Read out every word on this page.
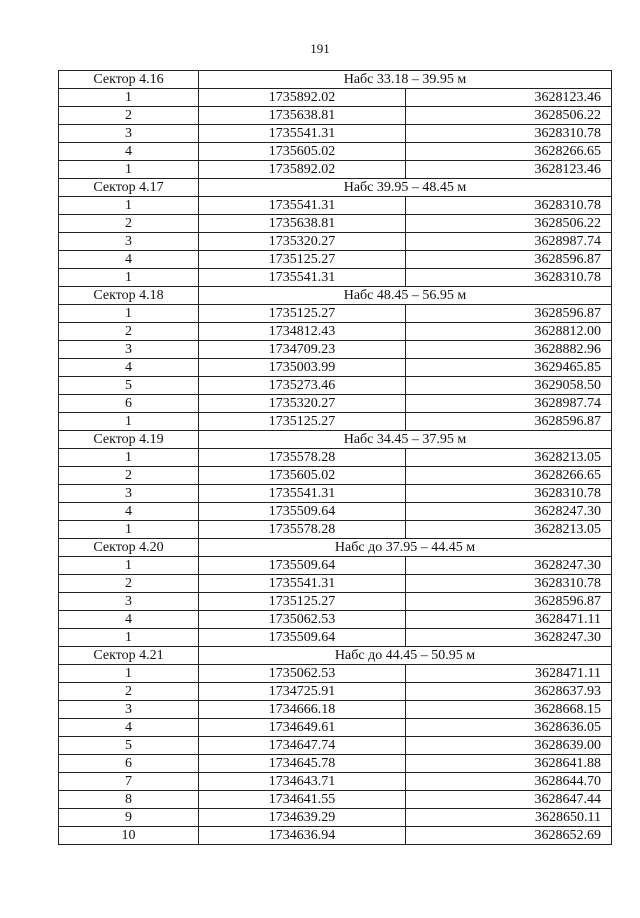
191
Сектор 4.16	Набс 33.18 – 39.95 м	
1	1735892.02	3628123.46
2	1735638.81	3628506.22
3	1735541.31	3628310.78
4	1735605.02	3628266.65
1	1735892.02	3628123.46
Сектор 4.17	Набс 39.95 – 48.45 м	
1	1735541.31	3628310.78
2	1735638.81	3628506.22
3	1735320.27	3628987.74
4	1735125.27	3628596.87
1	1735541.31	3628310.78
Сектор 4.18	Набс 48.45 – 56.95 м	
1	1735125.27	3628596.87
2	1734812.43	3628812.00
3	1734709.23	3628882.96
4	1735003.99	3629465.85
5	1735273.46	3629058.50
6	1735320.27	3628987.74
1	1735125.27	3628596.87
Сектор 4.19	Набс 34.45 – 37.95 м	
1	1735578.28	3628213.05
2	1735605.02	3628266.65
3	1735541.31	3628310.78
4	1735509.64	3628247.30
1	1735578.28	3628213.05
Сектор 4.20	Набс до 37.95 – 44.45 м	
1	1735509.64	3628247.30
2	1735541.31	3628310.78
3	1735125.27	3628596.87
4	1735062.53	3628471.11
1	1735509.64	3628247.30
Сектор 4.21	Набс до 44.45 – 50.95 м	
1	1735062.53	3628471.11
2	1734725.91	3628637.93
3	1734666.18	3628668.15
4	1734649.61	3628636.05
5	1734647.74	3628639.00
6	1734645.78	3628641.88
7	1734643.71	3628644.70
8	1734641.55	3628647.44
9	1734639.29	3628650.11
10	1734636.94	3628652.69
